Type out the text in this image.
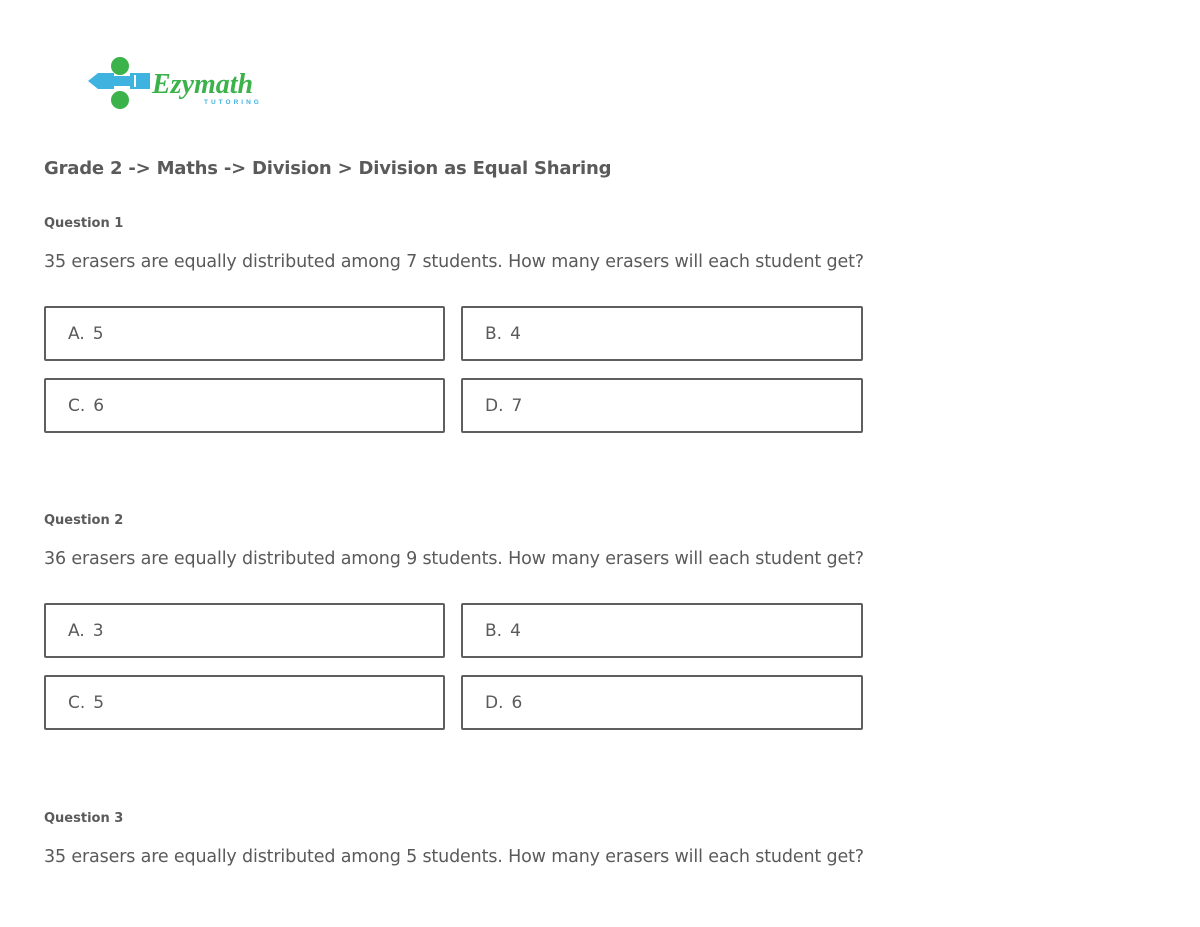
Ezymath
TUTORING
Grade 2 -> Maths -> Division > Division as Equal Sharing
Question 1
35 erasers are equally distributed among 7 students. How many erasers will each student get?
A. 5	B. 4
C. 6	D. 7
Question 2
36 erasers are equally distributed among 9 students. How many erasers will each student get?
A. 3	B. 4
C. 5	D. 6
Question 3
35 erasers are equally distributed among 5 students. How many erasers will each student get?
